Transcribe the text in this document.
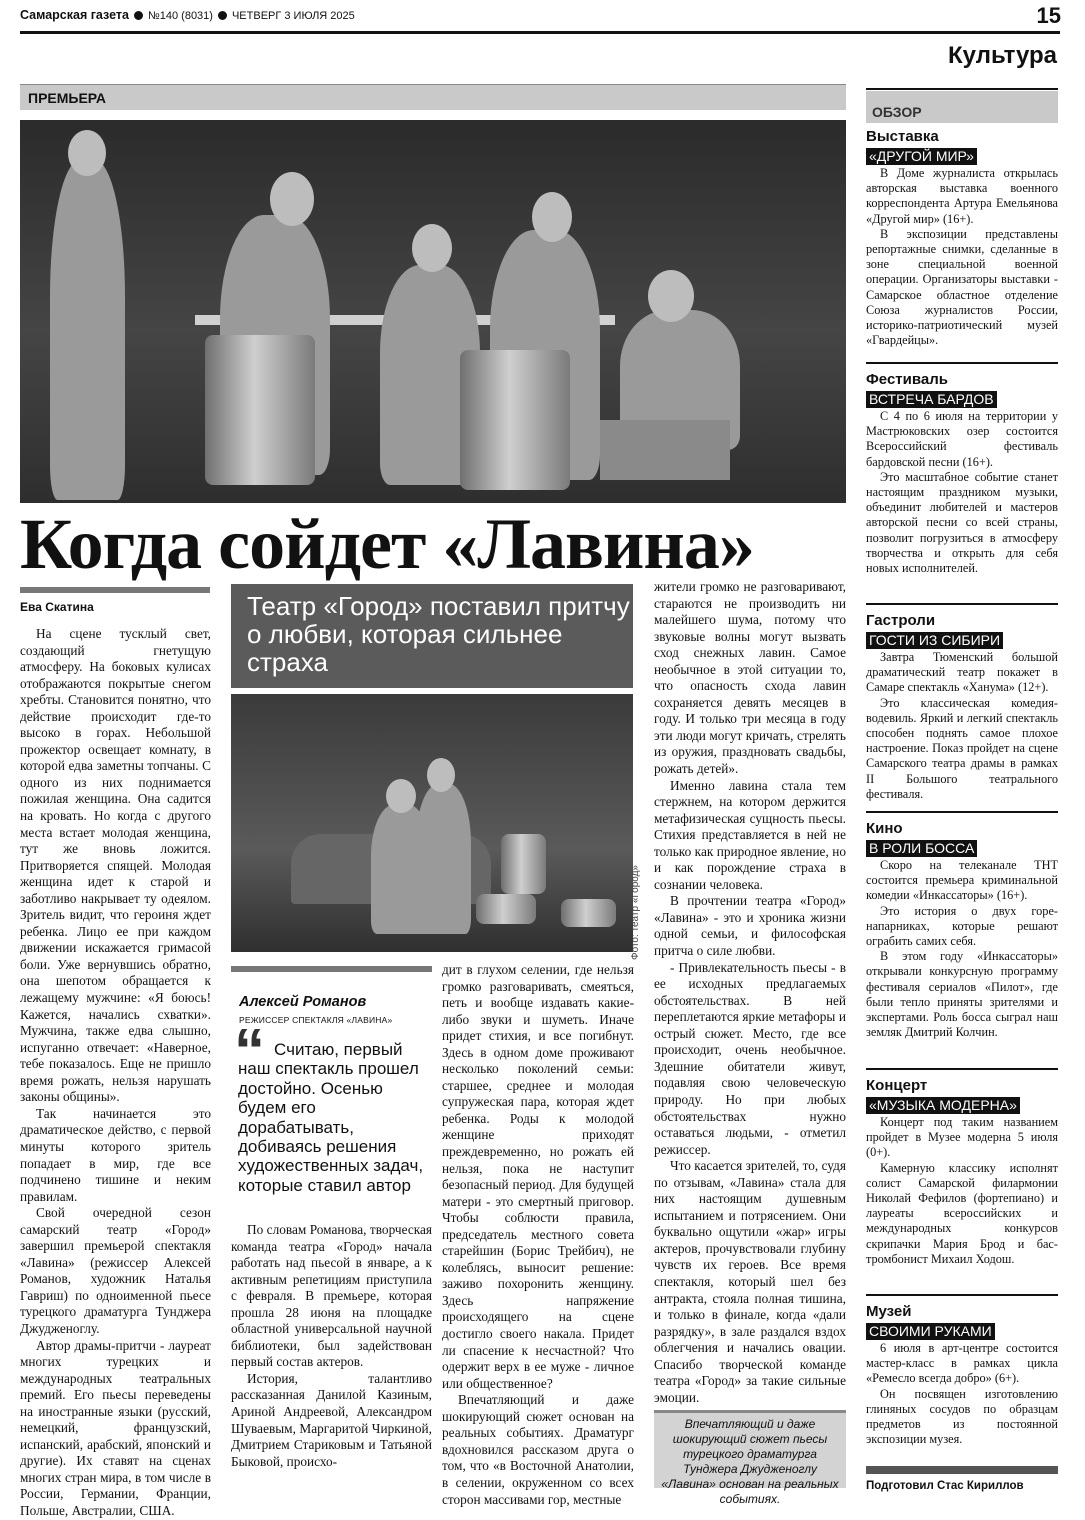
Самарская газета №140 (8031) ЧЕТВЕРГ 3 ИЮЛЯ 2025	15
Культура
ПРЕМЬЕРА
Когда сойдет «Лавина»
Ева Скатина

На сцене тусклый свет, создающий гнетущую атмосферу. На боковых кулисах отображаются покрытые снегом хребты. Становится понятно, что действие происходит где-то высоко в горах. Небольшой прожектор освещает комнату, в которой едва заметны топчаны. С одного из них поднимается пожилая женщина. Она садится на кровать. Но когда с другого места встает молодая женщина, тут же вновь ложится. Притворяется спящей. Молодая женщина идет к старой и заботливо накрывает ту одеялом. Зритель видит, что героиня ждет ребенка. Лицо ее при каждом движении искажается гримасой боли. Уже вернувшись обратно, она шепотом обращается к лежащему мужчине: «Я боюсь! Кажется, начались схватки». Мужчина, также едва слышно, испуганно отвечает: «Наверное, тебе показалось. Еще не пришло время рожать, нельзя нарушать законы общины».

Так начинается это драматическое действо, с первой минуты которого зритель попадает в мир, где все подчинено тишине и неким правилам.

Свой очередной сезон самарский театр «Город» завершил премьерой спектакля «Лавина» (режиссер Алексей Романов, художник Наталья Гавриш) по одноименной пьесе турецкого драматурга Тунджера Джудженоглу.

Автор драмы-притчи - лауреат многих турецких и международных театральных премий. Его пьесы переведены на иностранные языки (русский, немецкий, французский, испанский, арабский, японский и другие). Их ставят на сценах многих стран мира, в том числе в России, Германии, Франции, Польше, Австралии, США.

Театр «Город» поставил притчу о любви, которая сильнее страха
Фото: театр «Город»
Алексей Романов
РЕЖИССЕР СПЕКТАКЛЯ «ЛАВИНА»
“ Считаю, первый наш спектакль прошел достойно. Осенью будем его дорабатывать, добиваясь решения художественных задач, которые ставил автор

По словам Романова, творческая команда театра «Город» начала работать над пьесой в январе, а к активным репетициям приступила с февраля. В премьере, которая прошла 28 июня на площадке областной универсальной научной библиотеки, был задействован первый состав актеров.

История, талантливо рассказанная Данилой Казиным, Ариной Андреевой, Александром Шуваевым, Маргаритой Чиркиной, Дмитрием Стариковым и Татьяной Быковой, происхо-

дит в глухом селении, где нельзя громко разговаривать, смеяться, петь и вообще издавать какие-либо звуки и шуметь. Иначе придет стихия, и все погибнут. Здесь в одном доме проживают несколько поколений семьи: старшее, среднее и молодая супружеская пара, которая ждет ребенка. Роды к молодой женщине приходят преждевременно, но рожать ей нельзя, пока не наступит безопасный период. Для будущей матери - это смертный приговор. Чтобы соблюсти правила, председатель местного совета старейшин (Борис Трейбич), не колеблясь, выносит решение: заживо похоронить женщину. Здесь напряжение происходящего на сцене достигло своего накала. Придет ли спасение к несчастной? Что одержит верх в ее муже - личное или общественное?

Впечатляющий и даже шокирующий сюжет основан на реальных событиях. Драматург вдохновился рассказом друга о том, что «в Восточной Анатолии, в селении, окруженном со всех сторон массивами гор, местные

жители громко не разговаривают, стараются не производить ни малейшего шума, потому что звуковые волны могут вызвать сход снежных лавин. Самое необычное в этой ситуации то, что опасность схода лавин сохраняется девять месяцев в году. И только три месяца в году эти люди могут кричать, стрелять из оружия, праздновать свадьбы, рожать детей».

Именно лавина стала тем стержнем, на котором держится метафизическая сущность пьесы. Стихия представляется в ней не только как природное явление, но и как порождение страха в сознании человека.

В прочтении театра «Город» «Лавина» - это и хроника жизни одной семьи, и философская притча о силе любви.

- Привлекательность пьесы - в ее исходных предлагаемых обстоятельствах. В ней переплетаются яркие метафоры и острый сюжет. Место, где все происходит, очень необычное. Здешние обитатели живут, подавляя свою человеческую природу. Но при любых обстоятельствах нужно оставаться людьми, - отметил режиссер.

Что касается зрителей, то, судя по отзывам, «Лавина» стала для них настоящим душевным испытанием и потрясением. Они буквально ощутили «жар» игры актеров, прочувствовали глубину чувств их героев. Все время спектакля, который шел без антракта, стояла полная тишина, и только в финале, когда «дали разрядку», в зале раздался вздох облегчения и начались овации. Спасибо творческой команде театра «Город» за такие сильные эмоции.

Впечатляющий и даже шокирующий сюжет пьесы турецкого драматурга Тунджера Джудженоглу «Лавина» основан на реальных событиях.
ОБЗОР
Выставка
«ДРУГОЙ МИР»

В Доме журналиста открылась авторская выставка военного корреспондента Артура Емельянова «Другой мир» (16+).

В экспозиции представлены репортажные снимки, сделанные в зоне специальной военной операции. Организаторы выставки - Самарское областное отделение Союза журналистов России, историко-патриотический музей «Гвардейцы».

Фестиваль
ВСТРЕЧА БАРДОВ

С 4 по 6 июля на территории у Мастрюковских озер состоится Всероссийский фестиваль бардовской песни (16+).

Это масштабное событие станет настоящим праздником музыки, объединит любителей и мастеров авторской песни со всей страны, позволит погрузиться в атмосферу творчества и открыть для себя новых исполнителей.

Гастроли
ГОСТИ ИЗ СИБИРИ

Завтра Тюменский большой драматический театр покажет в Самаре спектакль «Ханума» (12+).

Это классическая комедия-водевиль. Яркий и легкий спектакль способен поднять самое плохое настроение. Показ пройдет на сцене Самарского театра драмы в рамках II Большого театрального фестиваля.

Кино
В РОЛИ БОССА

Скоро на телеканале ТНТ состоится премьера криминальной комедии «Инкассаторы» (16+).

Это история о двух горе-напарниках, которые решают ограбить самих себя.

В этом году «Инкассаторы» открывали конкурсную программу фестиваля сериалов «Пилот», где были тепло приняты зрителями и экспертами. Роль босса сыграл наш земляк Дмитрий Колчин.

Концерт
«МУЗЫКА МОДЕРНА»

Концерт под таким названием пройдет в Музее модерна 5 июля (0+).

Камерную классику исполнят солист Самарской филармонии Николай Фефилов (фортепиано) и лауреаты всероссийских и международных конкурсов скрипачки Мария Брод и бас-тромбонист Михаил Ходош.

Музей
СВОИМИ РУКАМИ

6 июля в арт-центре состоится мастер-класс в рамках цикла «Ремесло всегда добро» (6+).

Он посвящен изготовлению глиняных сосудов по образцам предметов из постоянной экспозиции музея.

Подготовил Стас Кириллов
